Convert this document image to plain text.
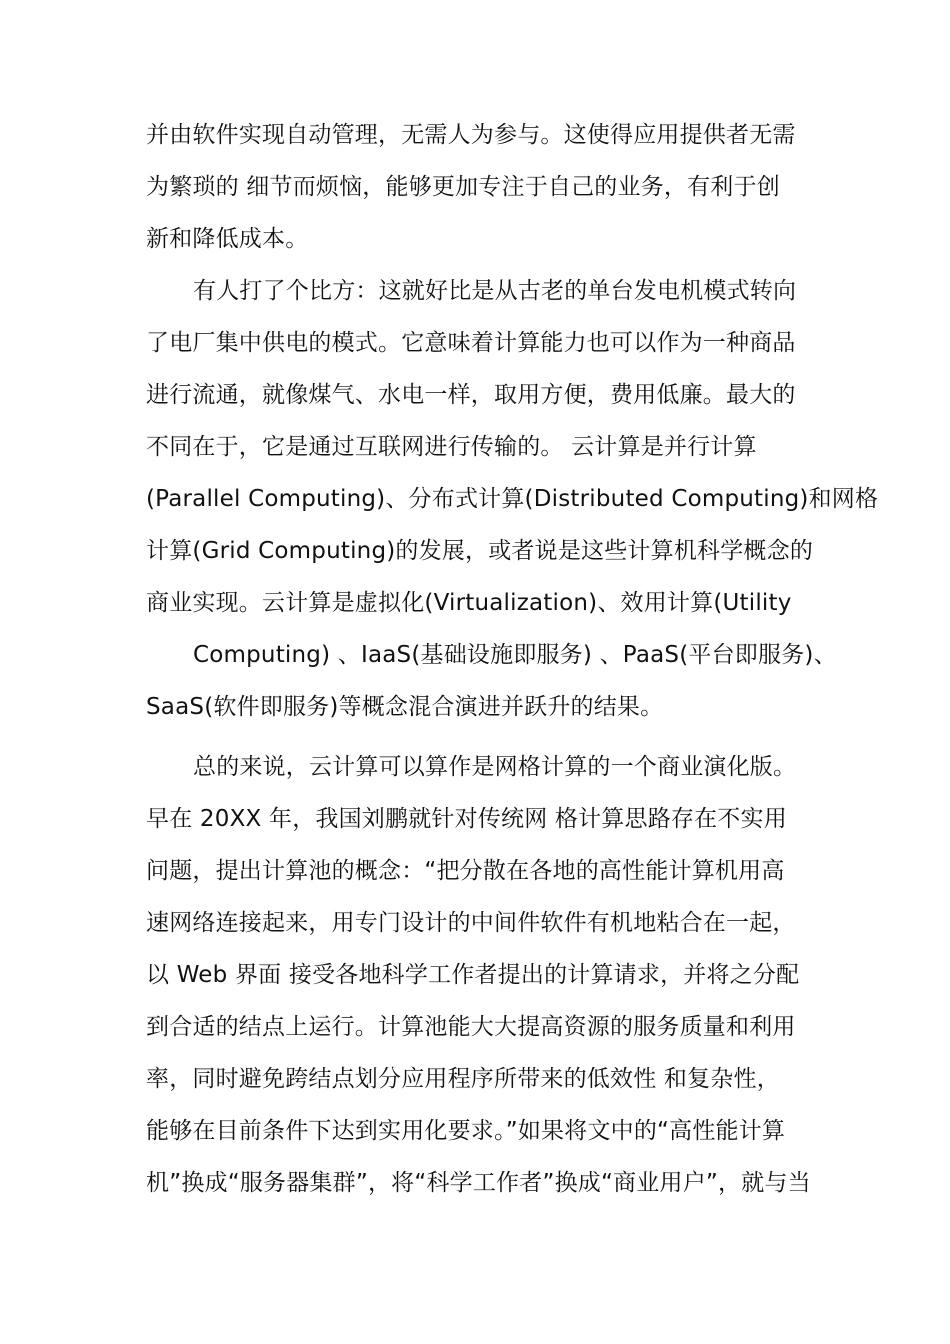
并由软件实现自动管理，无需人为参与。这使得应用提供者无需
为繁琐的 细节而烦恼，能够更加专注于自己的业务，有利于创
新和降低成本。
有人打了个比方：这就好比是从古老的单台发电机模式转向
了电厂集中供电的模式。它意味着计算能力也可以作为一种商品
进行流通，就像煤气、水电一样，取用方便，费用低廉。最大的
不同在于，它是通过互联网进行传输的。 云计算是并行计算
(Parallel Computing)、分布式计算(Distributed Computing)和网格
计算(Grid Computing)的发展，或者说是这些计算机科学概念的
商业实现。云计算是虚拟化(Virtualization)、效用计算(Utility
Computing) 、IaaS(基础设施即服务) 、PaaS(平台即服务)、
SaaS(软件即服务)等概念混合演进并跃升的结果。
总的来说，云计算可以算作是网格计算的一个商业演化版。
早在 20XX 年，我国刘鹏就针对传统网 格计算思路存在不实用
问题，提出计算池的概念：“把分散在各地的高性能计算机用高
速网络连接起来，用专门设计的中间件软件有机地粘合在一起，
以 Web 界面 接受各地科学工作者提出的计算请求，并将之分配
到合适的结点上运行。计算池能大大提高资源的服务质量和利用
率，同时避免跨结点划分应用程序所带来的低效性 和复杂性，
能够在目前条件下达到实用化要求。”如果将文中的“高性能计算
机”换成“服务器集群”，将“科学工作者”换成“商业用户”，就与当
